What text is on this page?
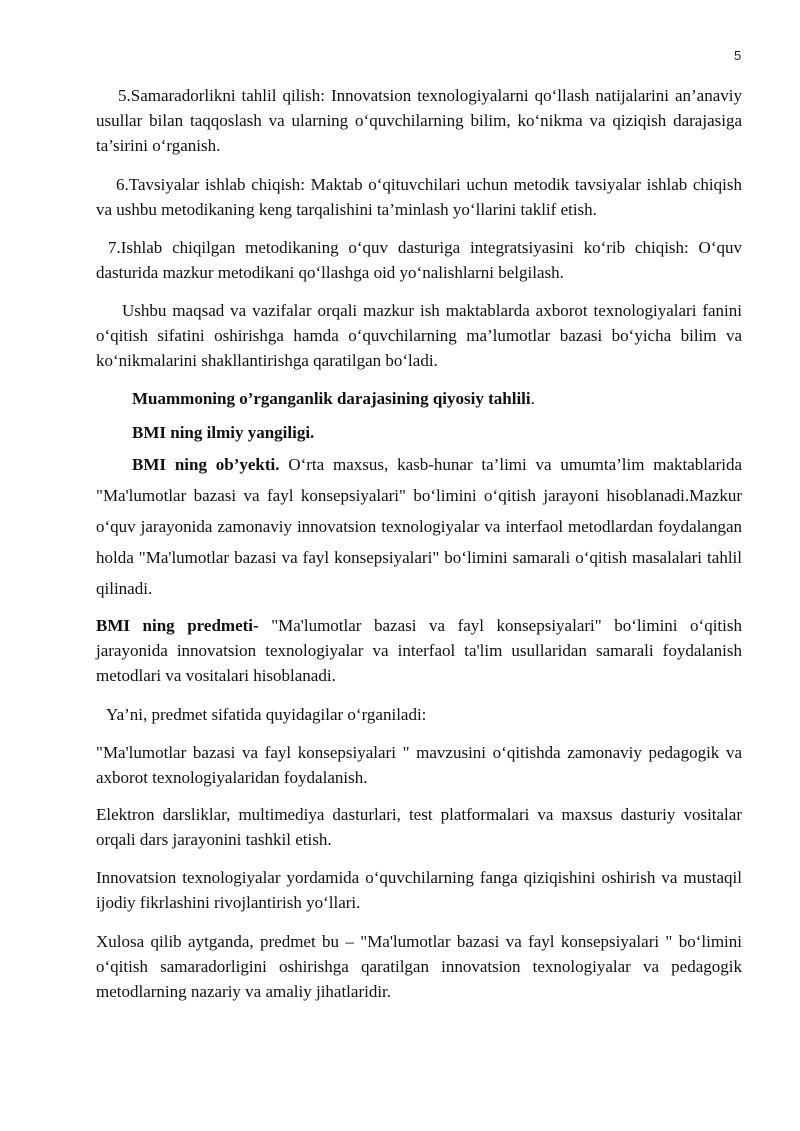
5

5.Samaradorlikni tahlil qilish: Innovatsion texnologiyalarni qo‘llash natijalarini an’anaviy usullar bilan taqqoslash va ularning o‘quvchilarning bilim, ko‘nikma va qiziqish darajasiga ta’sirini o‘rganish.

6.Tavsiyalar ishlab chiqish: Maktab o‘qituvchilari uchun metodik tavsiyalar ishlab chiqish va ushbu metodikaning keng tarqalishini ta’minlash yo‘llarini taklif etish.

7.Ishlab chiqilgan metodikaning o‘quv dasturiga integratsiyasini ko‘rib chiqish: O‘quv dasturida mazkur metodikani qo‘llashga oid yo‘nalishlarni belgilash.

Ushbu maqsad va vazifalar orqali mazkur ish maktablarda axborot texnologiyalari fanini o‘qitish sifatini oshirishga hamda o‘quvchilarning ma’lumotlar bazasi bo‘yicha bilim va ko‘nikmalarini shakllantirishga qaratilgan bo‘ladi.

Muammoning o’rganganlik darajasining qiyosiy tahlili.

BMI ning ilmiy yangiligi.

BMI ning ob’yekti. O‘rta maxsus, kasb-hunar ta’limi va umumta’lim maktablarida "Ma'lumotlar bazasi va fayl konsepsiyalari" bo‘limini o‘qitish jarayoni hisoblanadi.Mazkur o‘quv jarayonida zamonaviy innovatsion texnologiyalar va interfaol metodlardan foydalangan holda "Ma'lumotlar bazasi va fayl konsepsiyalari" bo‘limini samarali o‘qitish masalalari tahlil qilinadi.

BMI ning predmeti- "Ma'lumotlar bazasi va fayl konsepsiyalari" bo‘limini o‘qitish jarayonida innovatsion texnologiyalar va interfaol ta'lim usullaridan samarali foydalanish metodlari va vositalari hisoblanadi.

Ya’ni, predmet sifatida quyidagilar o‘rganiladi:

"Ma'lumotlar bazasi va fayl konsepsiyalari " mavzusini o‘qitishda zamonaviy pedagogik va axborot texnologiyalaridan foydalanish.

Elektron darsliklar, multimediya dasturlari, test platformalari va maxsus dasturiy vositalar orqali dars jarayonini tashkil etish.

Innovatsion texnologiyalar yordamida o‘quvchilarning fanga qiziqishini oshirish va mustaqil ijodiy fikrlashini rivojlantirish yo‘llari.

Xulosa qilib aytganda, predmet bu – "Ma'lumotlar bazasi va fayl konsepsiyalari " bo‘limini o‘qitish samaradorligini oshirishga qaratilgan innovatsion texnologiyalar va pedagogik metodlarning nazariy va amaliy jihatlaridir.
